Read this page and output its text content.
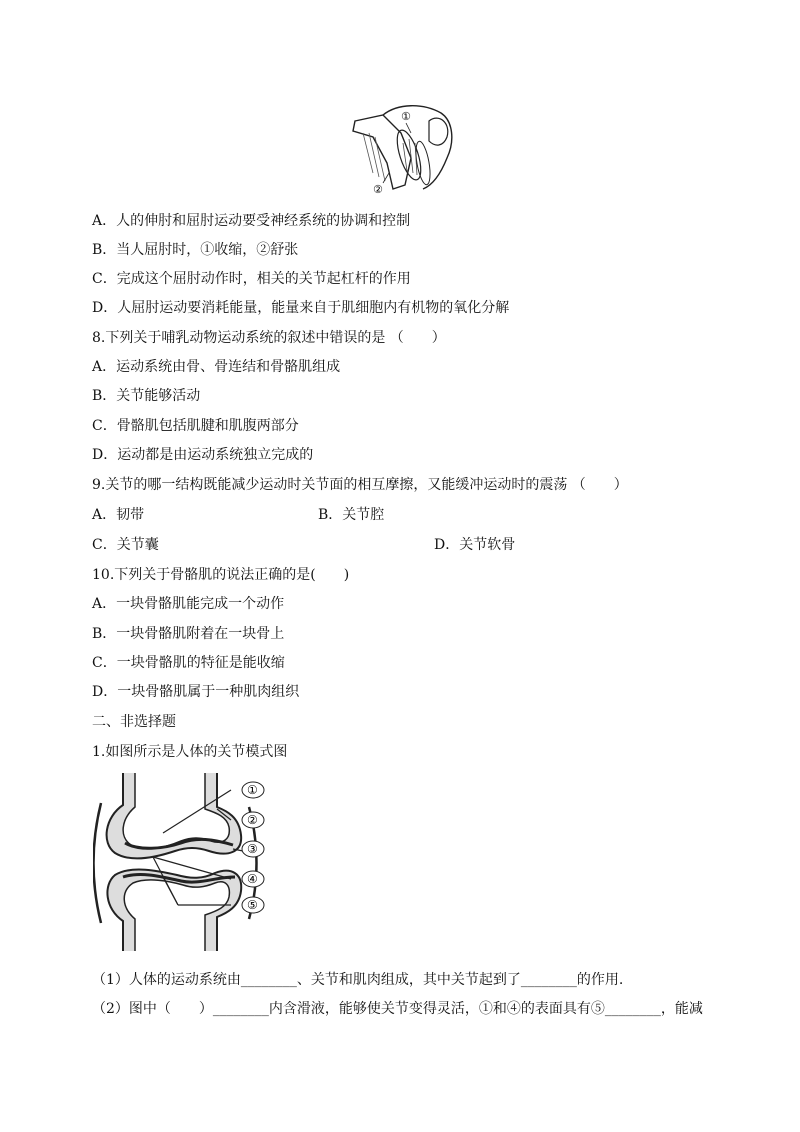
①
②
A．人的伸肘和屈肘运动要受神经系统的协调和控制
B．当人屈肘时，①收缩，②舒张
C．完成这个屈肘动作时，相关的关节起杠杆的作用
D．人屈肘运动要消耗能量，能量来自于肌细胞内有机物的氧化分解
8.下列关于哺乳动物运动系统的叙述中错误的是 （　　）
A．运动系统由骨、骨连结和骨骼肌组成
B．关节能够活动
C．骨骼肌包括肌腱和肌腹两部分
D．运动都是由运动系统独立完成的
9.关节的哪一结构既能减少运动时关节面的相互摩擦，又能缓冲运动时的震荡 （　　）
A．韧带	B．关节腔
C．关节囊	D．关节软骨
10.下列关于骨骼肌的说法正确的是(　　)
A．一块骨骼肌能完成一个动作
B．一块骨骼肌附着在一块骨上
C．一块骨骼肌的特征是能收缩
D．一块骨骼肌属于一种肌肉组织
二、非选择题
1.如图所示是人体的关节模式图
①
②
③
④
⑤
（1）人体的运动系统由________、关节和肌肉组成，其中关节起到了________的作用.
（2）图中（　　）________内含滑液，能够使关节变得灵活，①和④的表面具有⑤________，能减
